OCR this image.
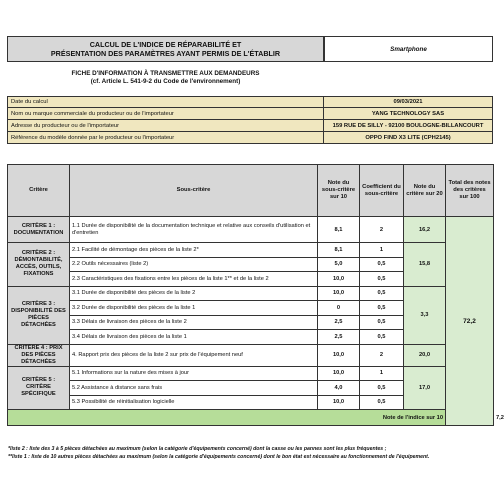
CALCUL DE L'INDICE DE RÉPARABILITÉ ET
PRÉSENTATION DES PARAMÈTRES AYANT PERMIS DE L'ÉTABLIR	Smartphone
FICHE D'INFORMATION À TRANSMETTRE AUX DEMANDEURS
(cf. Article L. 541-9-2 du Code de l'environnement)
Date du calcul	09/03/2021
Nom ou marque commerciale du producteur ou de l'importateur	YANG TECHNOLOGY SAS
Adresse du producteur ou de l'importateur	159 RUE DE SILLY - 92100 BOULOGNE-BILLANCOURT
Référence du modèle donnée par le producteur ou l'importateur	OPPO FIND X3 LITE (CPH2145)
Critère	Sous-critère	Note du sous-critère sur 10	Coefficient du sous-critère	Note du critère sur 20	Total des notes des critères sur 100	
CRITÈRE 1 : DOCUMENTATION	1.1 Durée de disponibilité de la documentation technique et relative aux conseils d'utilisation et d'entretien	8,1	2	16,2	72,2	
CRITÈRE 2 : DÉMONTABILITÉ, ACCÈS, OUTILS, FIXATIONS	2.1 Facilité de démontage des pièces de la liste 2*	8,1	1	15,8		
	2.2 Outils nécessaires (liste 2)	5,0	0,5			
	2.3 Caractéristiques des fixations entre les pièces de la liste 1** et de la liste 2	10,0	0,5			
CRITÈRE 3 : DISPONIBILITÉ DES PIÈCES DÉTACHÉES	3.1 Durée de disponibilité des pièces de la liste 2	10,0	0,5	3,3		
	3.2 Durée de disponibilité des pièces de la liste 1	0	0,5			
	3.3 Délais de livraison des pièces de la liste 2	2,5	0,5			
	3.4 Délais de livraison des pièces de la liste 1	2,5	0,5			
CRITÈRE 4 : PRIX DES PIÈCES DÉTACHÉES	4. Rapport prix des pièces de la liste 2 sur prix de l'équipement neuf	10,0	2	20,0		
CRITÈRE 5 : CRITÈRE SPÉCIFIQUE	5.1 Informations sur la nature des mises à jour	10,0	1	17,0		
	5.2 Assistance à distance sans frais	4,0	0,5			
	5.3 Possibilité de réinitialisation logicielle	10,0	0,5			
Note de l'indice sur 10						7,2
*liste 2 : liste des 3 à 5 pièces détachées au maximum (selon la catégorie d'équipements concerné) dont la casse ou les pannes sont les plus fréquentes ;
**liste 1 : liste de 10 autres pièces détachées au maximum (selon la catégorie d'équipements concerné) dont le bon état est nécessaire au fonctionnement de l'équipement.
